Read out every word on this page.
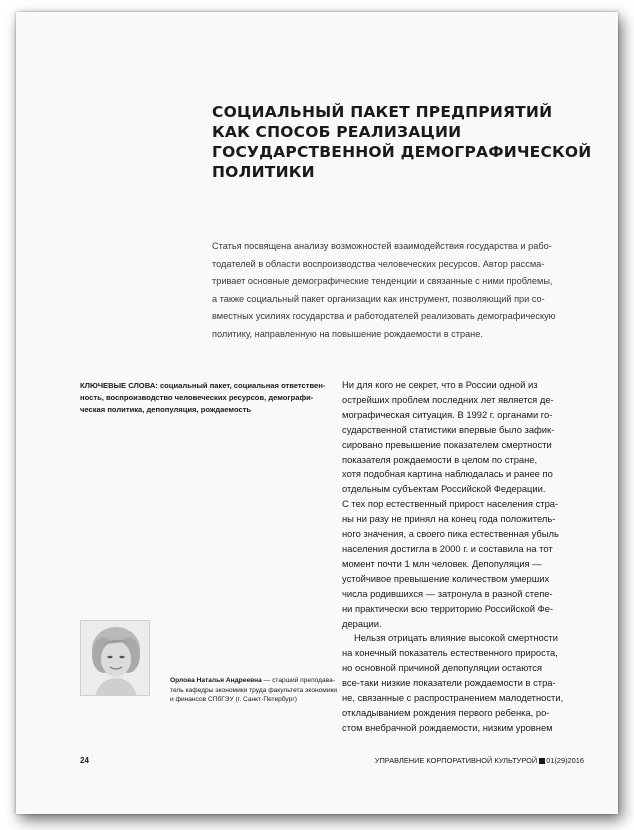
СОЦИАЛЬНЫЙ ПАКЕТ ПРЕДПРИЯТИЙ
КАК СПОСОБ РЕАЛИЗАЦИИ
ГОСУДАРСТВЕННОЙ ДЕМОГРАФИЧЕСКОЙ
ПОЛИТИКИ
Статья посвящена анализу возможностей взаимодействия государства и рабо-
тодателей в области воспроизводства человеческих ресурсов. Автор рассма-
тривает основные демографические тенденции и связанные с ними проблемы,
а также социальный пакет организации как инструмент, позволяющий при со-
вместных усилиях государства и работодателей реализовать демографическую
политику, направленную на повышение рождаемости в стране.
КЛЮЧЕВЫЕ СЛОВА: социальный пакет, социальная ответствен-
ность, воспроизводство человеческих ресурсов, демографи-
ческая политика, депопуляция, рождаемость
Ни для кого не секрет, что в России одной из
острейших проблем последних лет является де-
мографическая ситуация. В 1992 г. органами го-
сударственной статистики впервые было зафик-
сировано превышение показателем смертности
показателя рождаемости в целом по стране,
хотя подобная картина наблюдалась и ранее по
отдельным субъектам Российской Федерации.
С тех пор естественный прирост населения стра-
ны ни разу не принял на конец года положитель-
ного значения, а своего пика естественная убыль
населения достигла в 2000 г. и составила на тот
момент почти 1 млн человек. Депопуляция —
устойчивое превышение количеством умерших
числа родившихся — затронула в разной степе-
ни практически всю территорию Российской Фе-
дерации.
Нельзя отрицать влияние высокой смертности
на конечный показатель естественного прироста,
но основной причиной депопуляции остаются
все-таки низкие показатели рождаемости в стра-
не, связанные с распространением малодетности,
откладыванием рождения первого ребенка, ро-
стом внебрачной рождаемости, низким уровнем
Орлова Наталья Андреевна — старший преподава-
тель кафедры экономики труда факультета экономики
и финансов СПбГЭУ (г. Санкт-Петербург)
24	УПРАВЛЕНИЕ КОРПОРАТИВНОЙ КУЛЬТУРОЙ 01(29)2016
